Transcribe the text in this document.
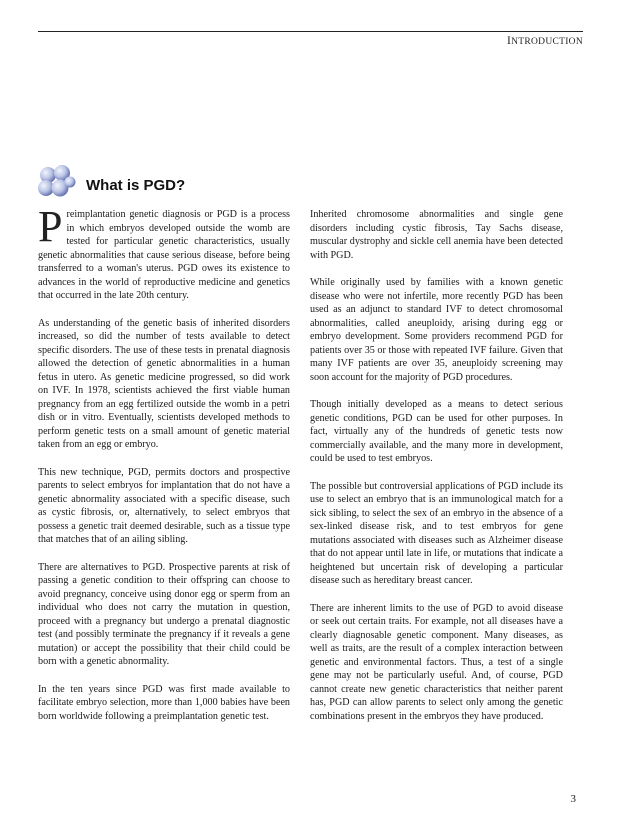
INTRODUCTION
What is PGD?

Preimplantation genetic diagnosis or PGD is a process in which embryos developed outside the womb are tested for particular genetic characteristics, usually genetic abnormalities that cause serious disease, before being transferred to a woman's uterus. PGD owes its existence to advances in the world of reproductive medicine and genetics that occurred in the late 20th century.

As understanding of the genetic basis of inherited disorders increased, so did the number of tests available to detect specific disorders. The use of these tests in prenatal diagnosis allowed the detection of genetic abnormalities in a human fetus in utero. As genetic medicine progressed, so did work on IVF. In 1978, scientists achieved the first viable human pregnancy from an egg fertilized outside the womb in a petri dish or in vitro. Eventually, scientists developed methods to perform genetic tests on a small amount of genetic material taken from an egg or embryo.

This new technique, PGD, permits doctors and prospective parents to select embryos for implantation that do not have a genetic abnormality associated with a specific disease, such as cystic fibrosis, or, alternatively, to select embryos that possess a genetic trait deemed desirable, such as a tissue type that matches that of an ailing sibling.

There are alternatives to PGD. Prospective parents at risk of passing a genetic condition to their offspring can choose to avoid pregnancy, conceive using donor egg or sperm from an individual who does not carry the mutation in question, proceed with a pregnancy but undergo a prenatal diagnostic test (and possibly terminate the pregnancy if it reveals a gene mutation) or accept the possibility that their child could be born with a genetic abnormality.

In the ten years since PGD was first made available to facilitate embryo selection, more than 1,000 babies have been born worldwide following a preimplantation genetic test.

Inherited chromosome abnormalities and single gene disorders including cystic fibrosis, Tay Sachs disease, muscular dystrophy and sickle cell anemia have been detected with PGD.

While originally used by families with a known genetic disease who were not infertile, more recently PGD has been used as an adjunct to standard IVF to detect chromosomal abnormalities, called aneuploidy, arising during egg or embryo development. Some providers recommend PGD for patients over 35 or those with repeated IVF failure. Given that many IVF patients are over 35, aneuploidy screening may soon account for the majority of PGD procedures.

Though initially developed as a means to detect serious genetic conditions, PGD can be used for other purposes. In fact, virtually any of the hundreds of genetic tests now commercially available, and the many more in development, could be used to test embryos.

The possible but controversial applications of PGD include its use to select an embryo that is an immunological match for a sick sibling, to select the sex of an embryo in the absence of a sex-linked disease risk, and to test embryos for gene mutations associated with diseases such as Alzheimer disease that do not appear until late in life, or mutations that indicate a heightened but uncertain risk of developing a particular disease such as hereditary breast cancer.

There are inherent limits to the use of PGD to avoid disease or seek out certain traits. For example, not all diseases have a clearly diagnosable genetic component. Many diseases, as well as traits, are the result of a complex interaction between genetic and environmental factors. Thus, a test of a single gene may not be particularly useful. And, of course, PGD cannot create new genetic characteristics that neither parent has, PGD can allow parents to select only among the genetic combinations present in the embryos they have produced.

3
